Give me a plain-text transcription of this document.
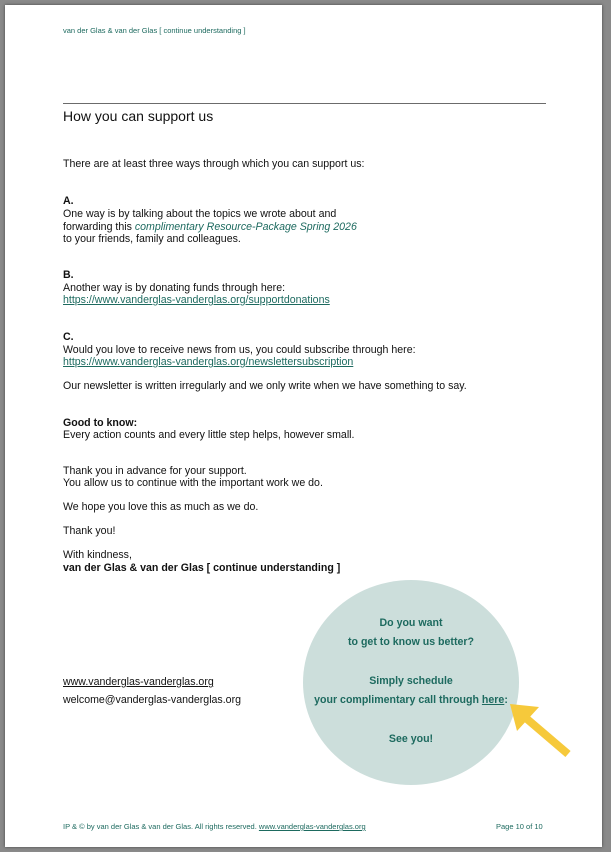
van der Glas & van der Glas [ continue understanding ]
How you can support us
There are at least three ways through which you can support us:
A.
One way is by talking about the topics we wrote about and
forwarding this complimentary Resource-Package Spring 2026
to your friends, family and colleagues.
B.
Another way is by donating funds through here:
https://www.vanderglas-vanderglas.org/supportdonations
C.
Would you love to receive news from us, you could subscribe through here:
https://www.vanderglas-vanderglas.org/newslettersubscription
Our newsletter is written irregularly and we only write when we have something to say.
Good to know:
Every action counts and every little step helps, however small.
Thank you in advance for your support.
You allow us to continue with the important work we do.
We hope you love this as much as we do.
Thank you!
With kindness,
van der Glas & van der Glas [ continue understanding ]
www.vanderglas-vanderglas.org
welcome@vanderglas-vanderglas.org
Do you want
to get to know us better?
Simply schedule
your complimentary call through here:
See you!
IP & © by van der Glas & van der Glas. All rights reserved. www.vanderglas-vanderglas.org	Page 10 of 10
